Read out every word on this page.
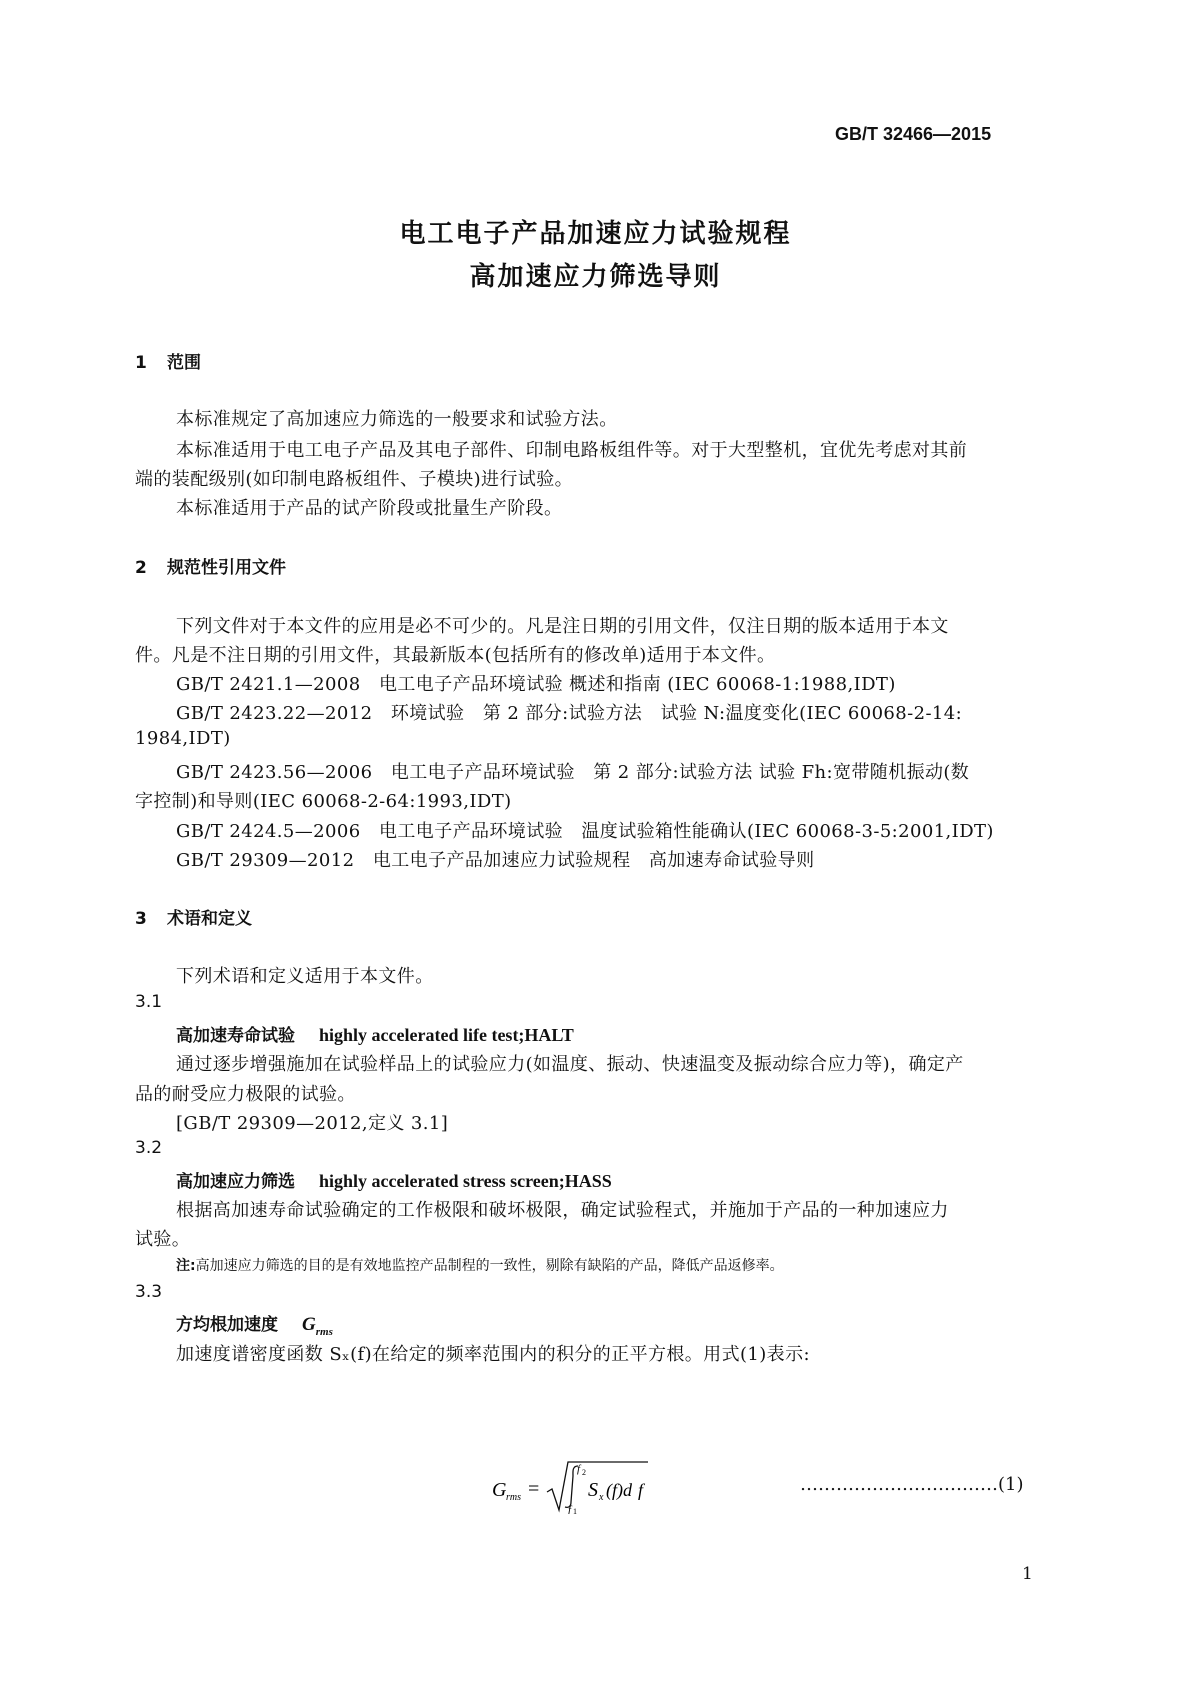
GB/T 32466—2015
电工电子产品加速应力试验规程
高加速应力筛选导则
1 范围
本标准规定了高加速应力筛选的一般要求和试验方法。
本标准适用于电工电子产品及其电子部件、印制电路板组件等。对于大型整机，宜优先考虑对其前
端的装配级别(如印制电路板组件、子模块)进行试验。
本标准适用于产品的试产阶段或批量生产阶段。
2 规范性引用文件
下列文件对于本文件的应用是必不可少的。凡是注日期的引用文件，仅注日期的版本适用于本文
件。凡是不注日期的引用文件，其最新版本(包括所有的修改单)适用于本文件。
GB/T 2421.1—2008　电工电子产品环境试验 概述和指南 (IEC 60068-1:1988,IDT)
GB/T 2423.22—2012　环境试验　第 2 部分:试验方法　试验 N:温度变化(IEC 60068-2-14:
1984,IDT)
GB/T 2423.56—2006　电工电子产品环境试验　第 2 部分:试验方法 试验 Fh:宽带随机振动(数
字控制)和导则(IEC 60068-2-64:1993,IDT)
GB/T 2424.5—2006　电工电子产品环境试验　温度试验箱性能确认(IEC 60068-3-5:2001,IDT)
GB/T 29309—2012　电工电子产品加速应力试验规程　高加速寿命试验导则
3 术语和定义
下列术语和定义适用于本文件。
3.1
高加速寿命试验 highly accelerated life test;HALT
通过逐步增强施加在试验样品上的试验应力(如温度、振动、快速温变及振动综合应力等)，确定产
品的耐受应力极限的试验。
[GB/T 29309—2012,定义 3.1]
3.2
高加速应力筛选 highly accelerated stress screen;HASS
根据高加速寿命试验确定的工作极限和破坏极限，确定试验程式，并施加于产品的一种加速应力
试验。
注:高加速应力筛选的目的是有效地监控产品制程的一致性，剔除有缺陷的产品，降低产品返修率。
3.3
方均根加速度 $G_{rms}$
加速度谱密度函数 Sₓ(f)在给定的频率范围内的积分的正平方根。用式(1)表示:
G rms =
f 2
f 1
S x (f)d f	……………………………(1)
1
